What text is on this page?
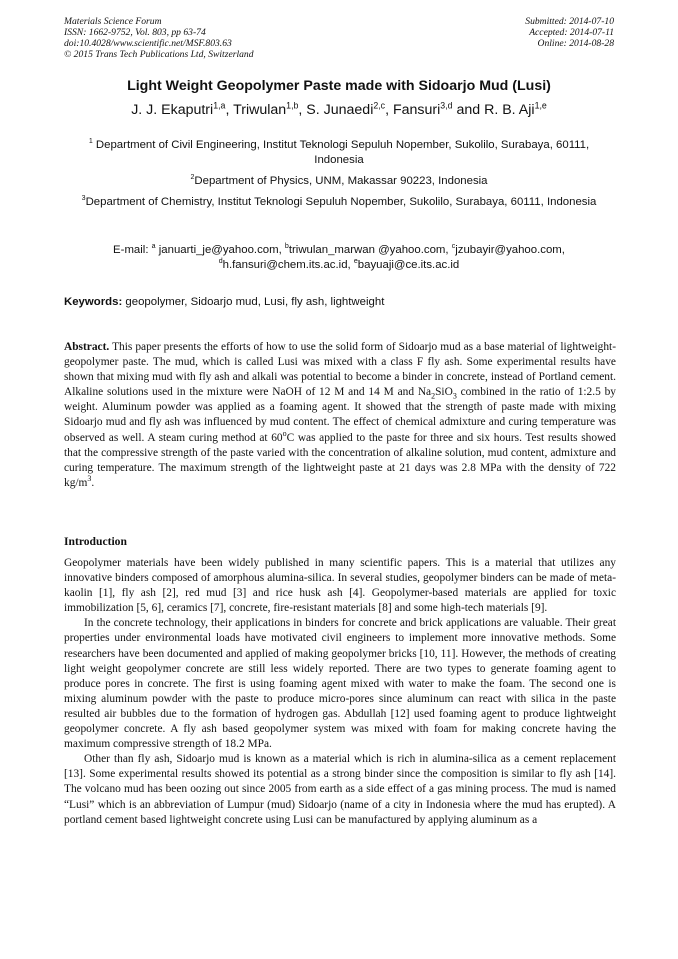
Materials Science Forum
ISSN: 1662-9752, Vol. 803, pp 63-74
doi:10.4028/www.scientific.net/MSF.803.63
© 2015 Trans Tech Publications Ltd, Switzerland
Submitted: 2014-07-10
Accepted: 2014-07-11
Online: 2014-08-28
Light Weight Geopolymer Paste made with Sidoarjo Mud (Lusi)
J. J. Ekaputri$^{1,a}$, Triwulan$^{1,b}$, S. Junaedi$^{2,c}$, Fansuri$^{3,d}$ and R. B. Aji$^{1,e}$
$^1$ Department of Civil Engineering, Institut Teknologi Sepuluh Nopember, Sukolilo, Surabaya, 60111, Indonesia
$^2$Department of Physics, UNM, Makassar 90223, Indonesia
$^3$Department of Chemistry, Institut Teknologi Sepuluh Nopember, Sukolilo, Surabaya, 60111, Indonesia
E-mail: $^a$ januarti_je@yahoo.com, $^b$triwulan_marwan @yahoo.com, $^c$jzubayir@yahoo.com, $^d$h.fansuri@chem.its.ac.id, $^e$bayuaji@ce.its.ac.id
Keywords: geopolymer, Sidoarjo mud, Lusi, fly ash, lightweight
Abstract. This paper presents the efforts of how to use the solid form of Sidoarjo mud as a base material of lightweight-geopolymer paste. The mud, which is called Lusi was mixed with a class F fly ash. Some experimental results have shown that mixing mud with fly ash and alkali was potential to become a binder in concrete, instead of Portland cement. Alkaline solutions used in the mixture were NaOH of 12 M and 14 M and $Na_2SiO_3$ combined in the ratio of 1:2.5 by weight. Aluminum powder was applied as a foaming agent. It showed that the strength of paste made with mixing Sidoarjo mud and fly ash was influenced by mud content. The effect of chemical admixture and curing temperature was observed as well. A steam curing method at 60$^o$C was applied to the paste for three and six hours. Test results showed that the compressive strength of the paste varied with the concentration of alkaline solution, mud content, admixture and curing temperature. The maximum strength of the lightweight paste at 21 days was 2.8 MPa with the density of 722 $kg/m^3$.
Introduction

Geopolymer materials have been widely published in many scientific papers. This is a material that utilizes any innovative binders composed of amorphous alumina-silica. In several studies, geopolymer binders can be made of meta-kaolin [1], fly ash [2], red mud [3] and rice husk ash [4]. Geopolymer-based materials are applied for toxic immobilization [5, 6], ceramics [7], concrete, fire-resistant materials [8] and some high-tech materials [9].

In the concrete technology, their applications in binders for concrete and brick applications are valuable. Their great properties under environmental loads have motivated civil engineers to implement more innovative methods. Some researchers have been documented and applied of making geopolymer bricks [10, 11]. However, the methods of creating light weight geopolymer concrete are still less widely reported. There are two types to generate foaming agent to produce pores in concrete. The first is using foaming agent mixed with water to make the foam. The second one is mixing aluminum powder with the paste to produce micro-pores since aluminum can react with silica in the paste resulted air bubbles due to the formation of hydrogen gas. Abdullah [12] used foaming agent to produce lightweight geopolymer concrete. A fly ash based geopolymer system was mixed with foam for making concrete having the maximum compressive strength of 18.2 MPa.

Other than fly ash, Sidoarjo mud is known as a material which is rich in alumina-silica as a cement replacement [13]. Some experimental results showed its potential as a strong binder since the composition is similar to fly ash [14]. The volcano mud has been oozing out since 2005 from earth as a side effect of a gas mining process. The mud is named “Lusi” which is an abbreviation of Lumpur (mud) Sidoarjo (name of a city in Indonesia where the mud has erupted). A portland cement based lightweight concrete using Lusi can be manufactured by applying aluminum as a
